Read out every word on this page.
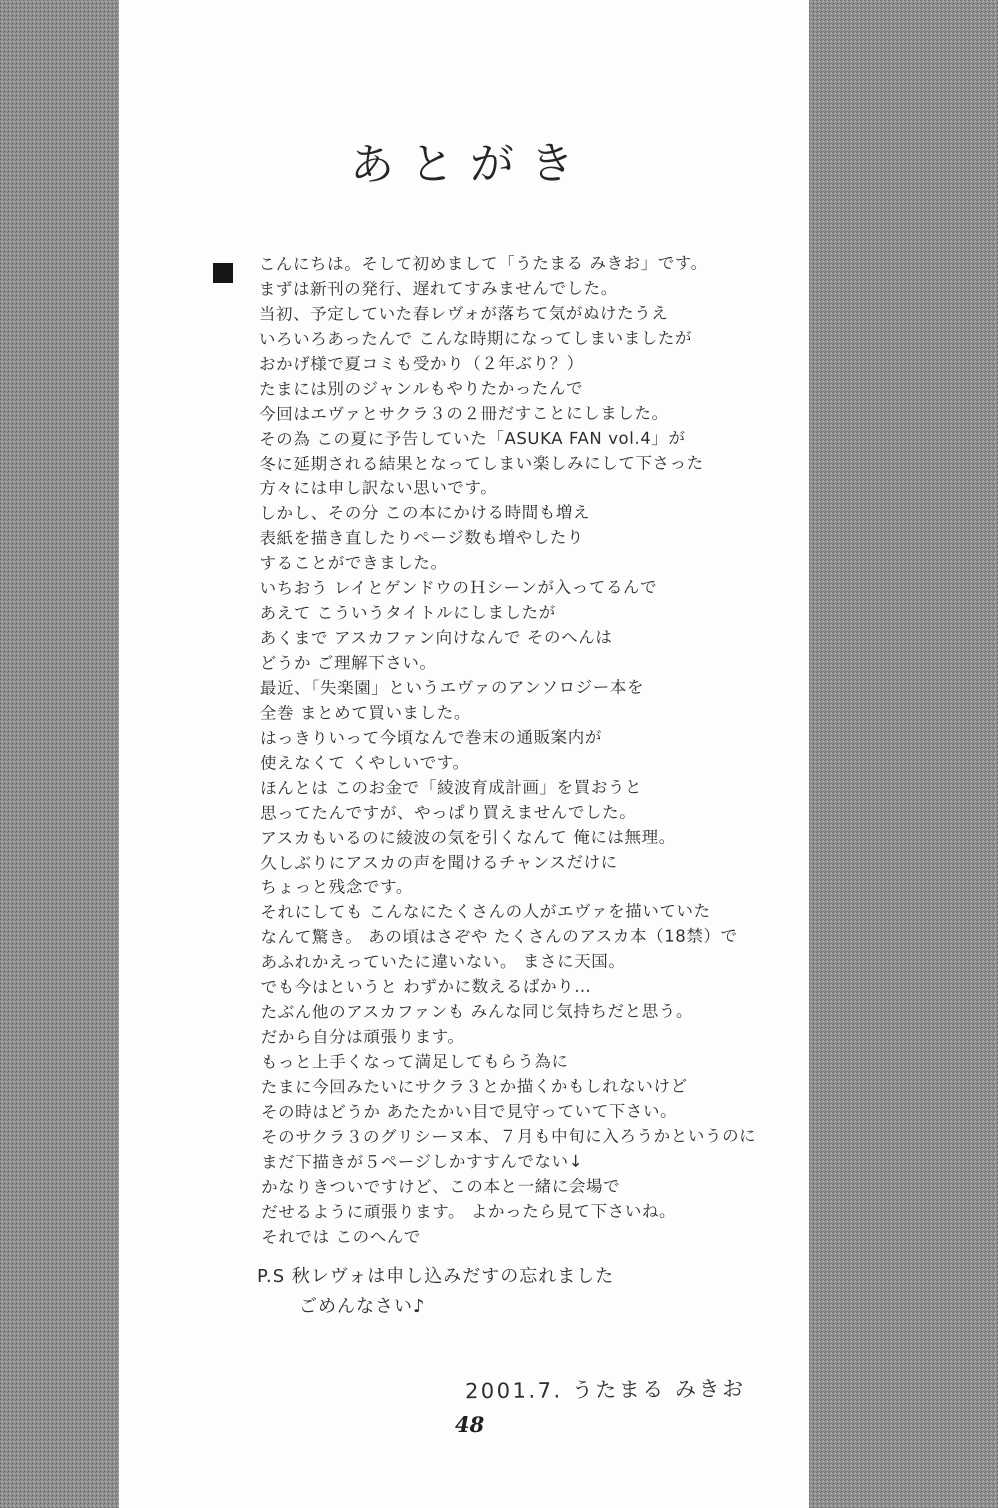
あとがき
こんにちは。そして初めまして「うたまる みきお」です。
まずは新刊の発行、遅れてすみませんでした。
当初、予定していた春レヴォが落ちて気がぬけたうえ
いろいろあったんで こんな時期になってしまいましたが
おかげ様で夏コミも受かり（２年ぶり？）
たまには別のジャンルもやりたかったんで
今回はエヴァとサクラ３の２冊だすことにしました。
その為 この夏に予告していた「ASUKA FAN vol.4」が
冬に延期される結果となってしまい楽しみにして下さった
方々には申し訳ない思いです。
しかし、その分 この本にかける時間も増え
表紙を描き直したりページ数も増やしたり
することができました。
いちおう レイとゲンドウのＨシーンが入ってるんで
あえて こういうタイトルにしましたが
あくまで アスカファン向けなんで そのへんは
どうか ご理解下さい。
最近、「失楽園」というエヴァのアンソロジー本を
全巻 まとめて買いました。
はっきりいって今頃なんで巻末の通販案内が
使えなくて くやしいです。
ほんとは このお金で「綾波育成計画」を買おうと
思ってたんですが、やっぱり買えませんでした。
アスカもいるのに綾波の気を引くなんて 俺には無理。
久しぶりにアスカの声を聞けるチャンスだけに
ちょっと残念です。
それにしても こんなにたくさんの人がエヴァを描いていた
なんて驚き。 あの頃はさぞや たくさんのアスカ本（18禁）で
あふれかえっていたに違いない。 まさに天国。
でも今はというと わずかに数えるばかり…
たぶん他のアスカファンも みんな同じ気持ちだと思う。
だから自分は頑張ります。
もっと上手くなって満足してもらう為に
たまに今回みたいにサクラ３とか描くかもしれないけど
その時はどうか あたたかい目で見守っていて下さい。
そのサクラ３のグリシーヌ本、７月も中旬に入ろうかというのに
まだ下描きが５ページしかすすんでない↓
かなりきついですけど、この本と一緒に会場で
だせるように頑張ります。 よかったら見て下さいね。
それでは このへんで
P.S 秋レヴォは申し込みだすの忘れました
ごめんなさい♪
2001.7. うたまる みきお
48
